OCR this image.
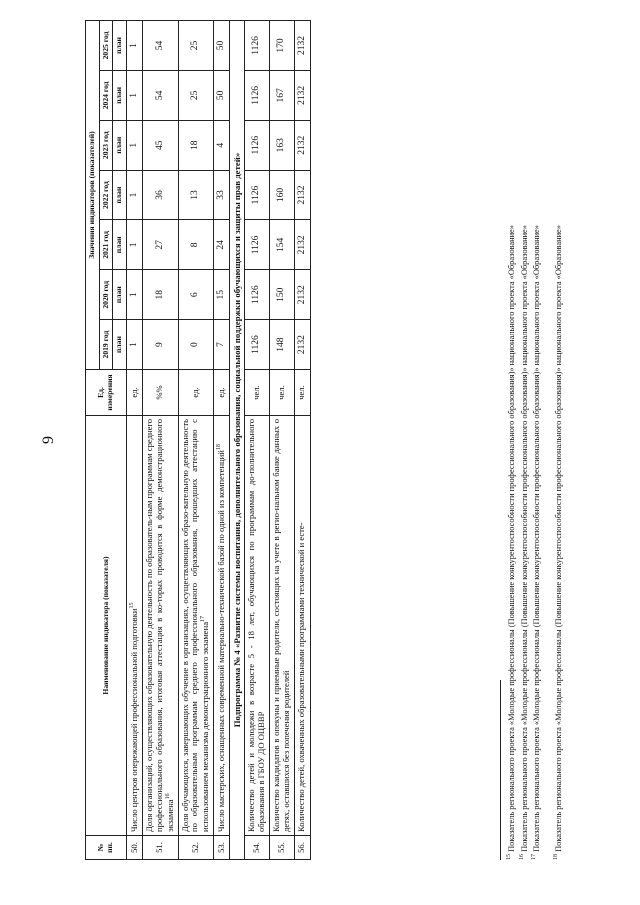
9
№ пп.	Наименование индикатора (показателя)	Ед. измерения	Значения индикаторов (показателей)						
			2019 год	2020 год	2021 год	2022 год	2023 год	2024 год	2025 год
			план	план	план	план	план	план	план
50.	Число центров опережающей профессиональной подготовки$^{15}$	ед.	1	1	1	1	1	1	1
51.	Доля организаций, осуществляющих образовательную деятельность по образователь-ным программам среднего профессионального образования, итоговая аттестация в ко-торых проводится в форме демонстрационного экзамена$^{16}$	%%	9	18	27	36	45	54	54
52.	Доля обучающихся, завершающих обучение в организациях, осуществляющих образо-вательную деятельность по образовательным программам среднего профессионального образования, прошедших аттестацию с использованием механизма демонстрационного экзамена$^{17}$	ед.	0	6	8	13	18	25	25
53.	Число мастерских, оснащенных современной материально-технической базой по одной из компетенций$^{18}$	ед.	7	15	24	33	4	50	50
Подпрограмма № 4 «Развитие системы воспитания, дополнительного образования, социальной поддержки обучающихся и защиты прав детей»									
54.	Количество детей и молодежи в возрасте 5 - 18 лет, обучающихся по программам до-полнительного образования в ГБОУ ДО ОЦВВР	чел.	1126	1126	1126	1126	1126	1126	1126
55.	Количество кандидатов в опекуны и приемные родители, состоящих на учете в регио-нальном банке данных о детях, оставшихся без попечения родителей	чел.	148	150	154	160	163	167	170
56.	Количество детей, охваченных образовательными программами технической и есте-	чел.	2132	2132	2132	2132	2132	2132	2132

$^{15}$ Показатель регионального проекта «Молодые профессионалы (Повышение конкурентоспособности профессионального образования)» национального проекта «Образование»

$^{16}$ Показатель регионального проекта «Молодые профессионалы (Повышение конкурентоспособности профессионального образования)» национального проекта «Образование»

$^{17}$ Показатель регионального проекта «Молодые профессионалы (Повышение конкурентоспособности профессионального образования)» национального проекта «Образование»

$^{18}$ Показатель регионального проекта «Молодые профессионалы (Повышение конкурентоспособности профессионального образования)» национального проекта «Образование»
